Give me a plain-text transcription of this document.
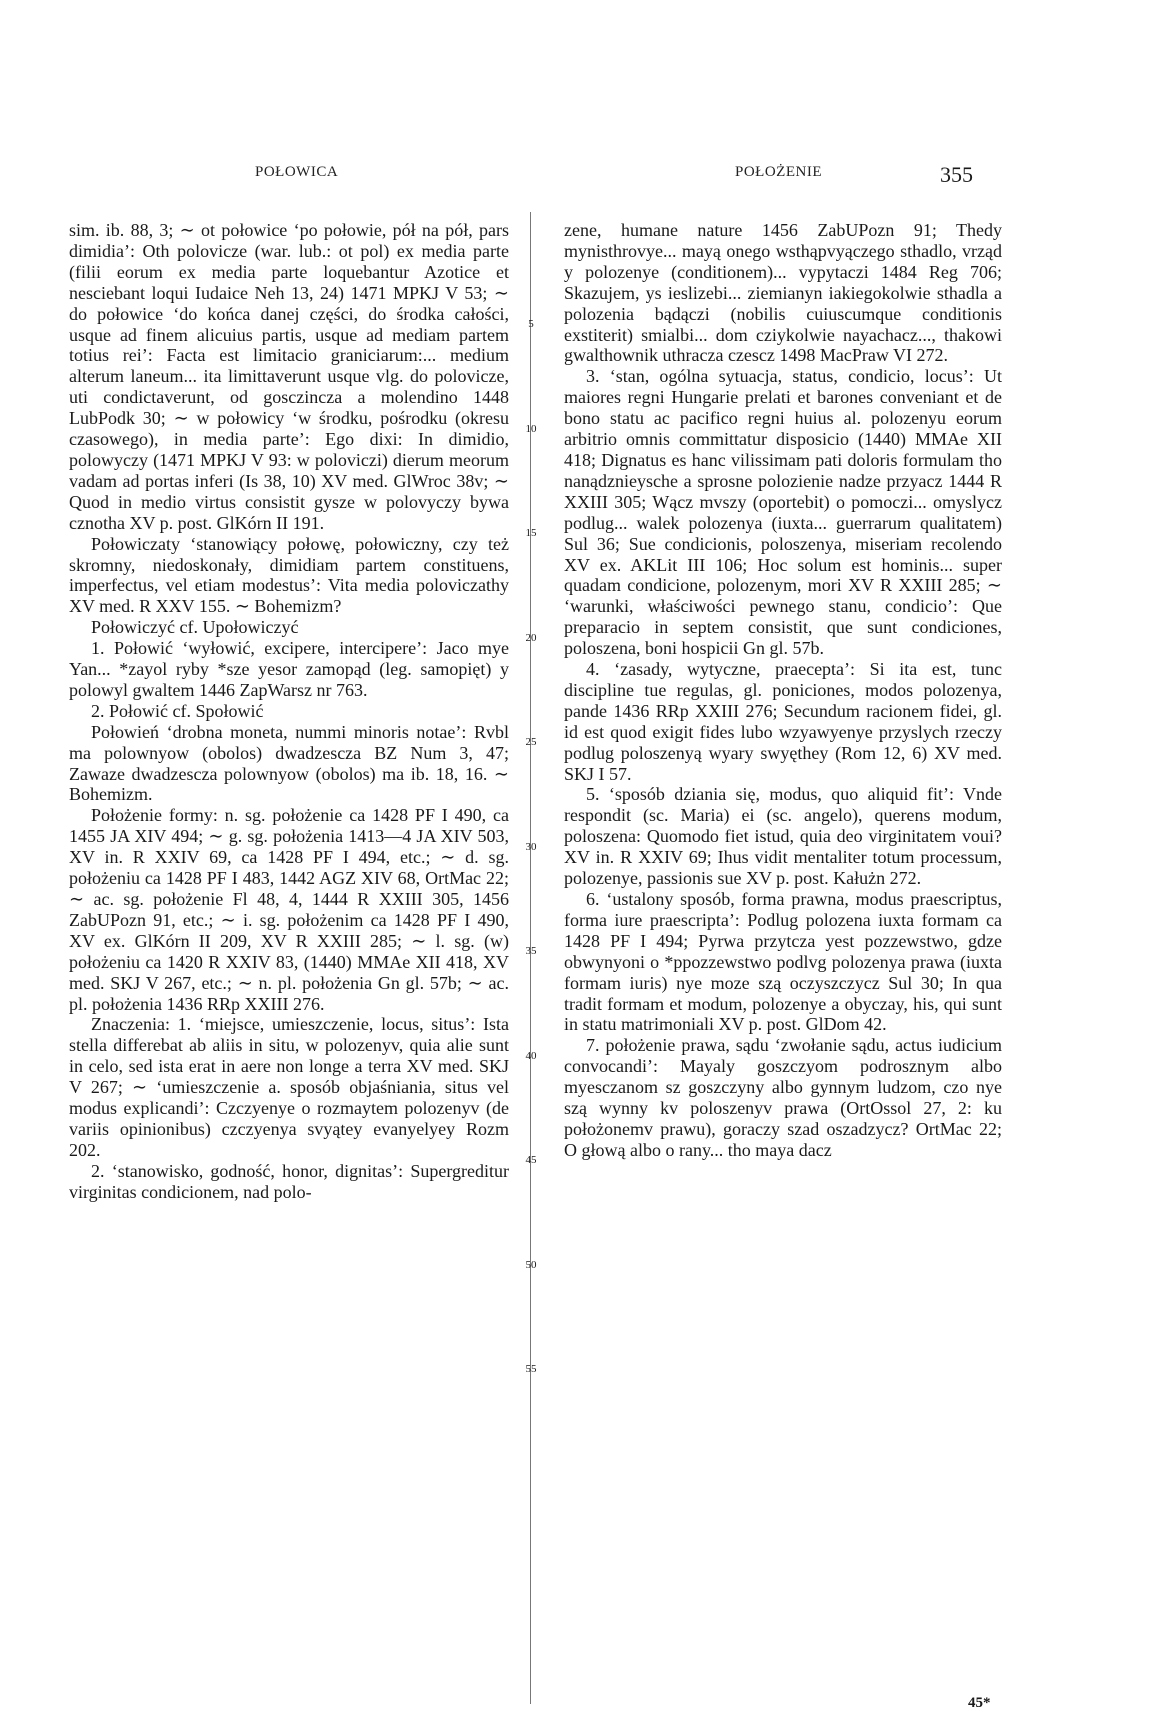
POŁOWICA	POŁOŻENIE	355

sim. ib. 88, 3; ∼ ot połowice ‘po połowie, pół na pół, pars dimidia’: Oth polovicze (war. lub.: ot pol) ex media parte (filii eorum ex media parte loquebantur Azotice et nesciebant loqui Iudaice Neh 13, 24) 1471 MPKJ V 53; ∼ do połowice ‘do końca danej części, do środka całości, usque ad finem alicuius partis, usque ad mediam partem totius rei’: Facta est limitacio graniciarum:... medium alterum laneum... ita limittaverunt usque vlg. do polovicze, uti condictaverunt, od gosczincza a molendino 1448 LubPodk 30; ∼ w połowicy ‘w środku, pośrodku (okresu czasowego), in media parte’: Ego dixi: In dimidio, polowyczy (1471 MPKJ V 93: w poloviczi) dierum meorum vadam ad portas inferi (Is 38, 10) XV med. GlWroc 38v; ∼ Quod in medio virtus consistit gysze w polovyczy bywa cznotha XV p. post. GlKórn II 191.

Połowiczaty ‘stanowiący połowę, połowiczny, czy też skromny, niedoskonały, dimidiam partem constituens, imperfectus, vel etiam modestus’: Vita media poloviczathy XV med. R XXV 155. ∼ Bohemizm?

Połowiczyć cf. Upołowiczyć

1. Połowić ‘wyłowić, excipere, intercipere’: Jaco mye Yan... *zayol ryby *sze yesor zamopąd (leg. samopięt) y polowyl gwaltem 1446 ZapWarsz nr 763.

2. Połowić cf. Społowić

Połowień ‘drobna moneta, nummi minoris notae’: Rvbl ma polownyow (obolos) dwadzescza BZ Num 3, 47; Zawaze dwadzescza polownyow (obolos) ma ib. 18, 16. ∼ Bohemizm.

Położenie formy: n. sg. położenie ca 1428 PF I 490, ca 1455 JA XIV 494; ∼ g. sg. położenia 1413—4 JA XIV 503, XV in. R XXIV 69, ca 1428 PF I 494, etc.; ∼ d. sg. położeniu ca 1428 PF I 483, 1442 AGZ XIV 68, OrtMac 22; ∼ ac. sg. położenie Fl 48, 4, 1444 R XXIII 305, 1456 ZabUPozn 91, etc.; ∼ i. sg. położenim ca 1428 PF I 490, XV ex. GlKórn II 209, XV R XXIII 285; ∼ l. sg. (w) położeniu ca 1420 R XXIV 83, (1440) MMAe XII 418, XV med. SKJ V 267, etc.; ∼ n. pl. położenia Gn gl. 57b; ∼ ac. pl. położenia 1436 RRp XXIII 276.

Znaczenia: 1. ‘miejsce, umieszczenie, locus, situs’: Ista stella differebat ab aliis in situ, w polozenyv, quia alie sunt in celo, sed ista erat in aere non longe a terra XV med. SKJ V 267; ∼ ‘umieszczenie a. sposób objaśniania, situs vel modus explicandi’: Czczyenye o rozmaytem polozenyv (de variis opinionibus) czczyenya svyątey evanyelyey Rozm 202.

2. ‘stanowisko, godność, honor, dignitas’: Supergreditur virginitas condicionem, nad polo-

5
10
15
20
25
30
35
40
45
50
55

zene, humane nature 1456 ZabUPozn 91; Thedy mynisthrovye... mayą onego wsthąpvyączego sthadlo, vrząd y polozenye (conditionem)... vypytaczi 1484 Reg 706; Skazujem, ys ieslizebi... ziemianyn iakiegokolwie sthadla a polozenia bądączi (nobilis cuiuscumque conditionis exstiterit) smialbi... dom cziykolwie nayachacz..., thakowi gwalthownik uthracza czescz 1498 MacPraw VI 272.

3. ‘stan, ogólna sytuacja, status, condicio, locus’: Ut maiores regni Hungarie prelati et barones conveniant et de bono statu ac pacifico regni huius al. polozenyu eorum arbitrio omnis committatur disposicio (1440) MMAe XII 418; Dignatus es hanc vilissimam pati doloris formulam tho nanądznieysche a sprosne polozienie nadze przyacz 1444 R XXIII 305; Wącz mvszy (oportebit) o pomoczi... omyslycz podlug... walek polozenya (iuxta... guerrarum qualitatem) Sul 36; Sue condicionis, poloszenya, miseriam recolendo XV ex. AKLit III 106; Hoc solum est hominis... super quadam condicione, polozenym, mori XV R XXIII 285; ∼ ‘warunki, właściwości pewnego stanu, condicio’: Que preparacio in septem consistit, que sunt condiciones, poloszena, boni hospicii Gn gl. 57b.

4. ‘zasady, wytyczne, praecepta’: Si ita est, tunc discipline tue regulas, gl. poniciones, modos polozenya, pande 1436 RRp XXIII 276; Secundum racionem fidei, gl. id est quod exigit fides lubo wzyawyenye przyslych rzeczy podlug poloszenyą wyary swyęthey (Rom 12, 6) XV med. SKJ I 57.

5. ‘sposób dziania się, modus, quo aliquid fit’: Vnde respondit (sc. Maria) ei (sc. angelo), querens modum, poloszena: Quomodo fiet istud, quia deo virginitatem voui? XV in. R XXIV 69; Ihus vidit mentaliter totum processum, polozenye, passionis sue XV p. post. Kałużn 272.

6. ‘ustalony sposób, forma prawna, modus praescriptus, forma iure praescripta’: Podlug polozena iuxta formam ca 1428 PF I 494; Pyrwa przytcza yest pozzewstwo, gdze obwynyoni o *ppozzewstwo podlvg polozenya prawa (iuxta formam iuris) nye moze szą oczyszczycz Sul 30; In qua tradit formam et modum, polozenye a obyczay, his, qui sunt in statu matrimoniali XV p. post. GlDom 42.

7. położenie prawa, sądu ‘zwołanie sądu, actus iudicium convocandi’: Mayaly goszczyom podrosznym albo myesczanom sz goszczyny albo gynnym ludzom, czo nye szą wynny kv poloszenyv prawa (OrtOssol 27, 2: ku położonemv prawu), goraczy szad oszadzycz? OrtMac 22; O głową albo o rany... tho maya dacz

45*
